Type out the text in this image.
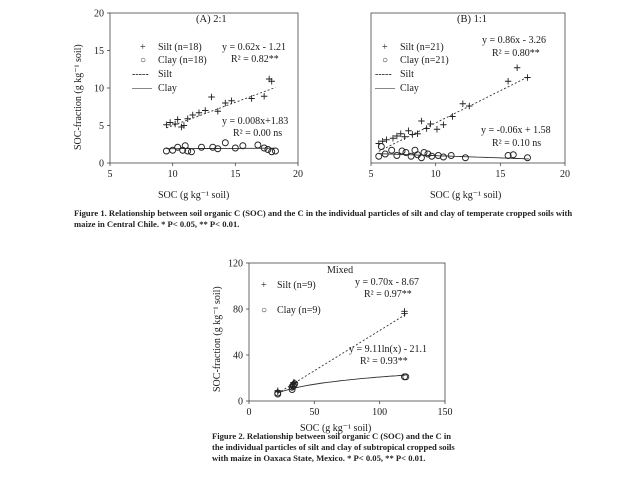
(A) 2:1
SOC-fraction (g kg⁻¹ soil)
SOC (g kg⁻¹ soil)
5	10	15	20
0
5
10
15
20
+ Silt (n=18)
○ Clay (n=18)
----- Silt
—— Clay
y = 0.62x - 1.21
R² = 0.82**
y = 0.008x+1.83
R² = 0.00 ns
(B) 1:1
SOC (g kg⁻¹ soil)
5	10	15	20
+ Silt (n=21)
○ Clay (n=21)
----- Silt
—— Clay
y = 0.86x - 3.26
R² = 0.80**
y = -0.06x + 1.58
R² = 0.10 ns
Mixed
SOC-fraction (g kg⁻¹ soil)
SOC (g kg⁻¹ soil)
0	50	100	150
0
40
80
120
+ Silt (n=9)
○ Clay (n=9)
y = 0.70x - 8.67
R² = 0.97**
y = 9.11ln(x) - 21.1
R² = 0.93**
Figure 1. Relationship between soil organic C (SOC) and the C in the individual particles of silt and clay of temperate cropped soils with maize in Central Chile. * P< 0.05, ** P< 0.01.
Figure 2. Relationship between soil organic C (SOC) and the C in the individual particles of silt and clay of subtropical cropped soils with maize in Oaxaca State, Mexico. * P< 0.05, ** P< 0.01.
